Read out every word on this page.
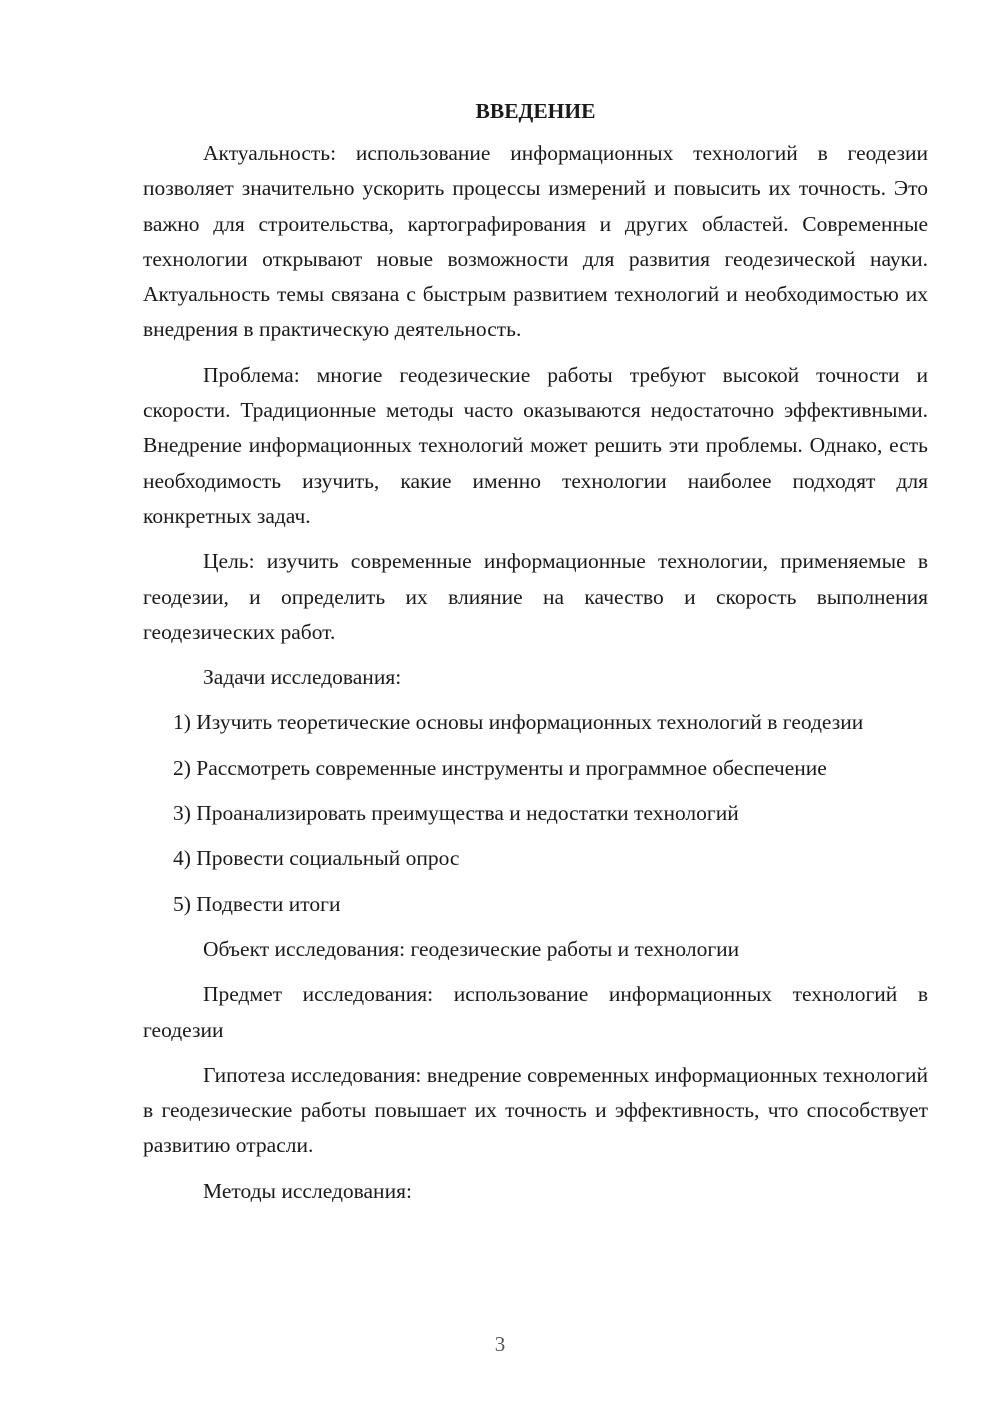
ВВЕДЕНИЕ
Актуальность: использование информационных технологий в геодезии позволяет значительно ускорить процессы измерений и повысить их точность. Это важно для строительства, картографирования и других областей. Современные технологии открывают новые возможности для развития геодезической науки. Актуальность темы связана с быстрым развитием технологий и необходимостью их внедрения в практическую деятельность.
Проблема: многие геодезические работы требуют высокой точности и скорости. Традиционные методы часто оказываются недостаточно эффективными. Внедрение информационных технологий может решить эти проблемы. Однако, есть необходимость изучить, какие именно технологии наиболее подходят для конкретных задач.
Цель: изучить современные информационные технологии, применяемые в геодезии, и определить их влияние на качество и скорость выполнения геодезических работ.
Задачи исследования:
1) Изучить теоретические основы информационных технологий в геодезии
2) Рассмотреть современные инструменты и программное обеспечение
3) Проанализировать преимущества и недостатки технологий
4) Провести социальный опрос
5) Подвести итоги
Объект исследования: геодезические работы и технологии
Предмет исследования: использование информационных технологий в геодезии
Гипотеза исследования: внедрение современных информационных технологий в геодезические работы повышает их точность и эффективность, что способствует развитию отрасли.
Методы исследования:
3
